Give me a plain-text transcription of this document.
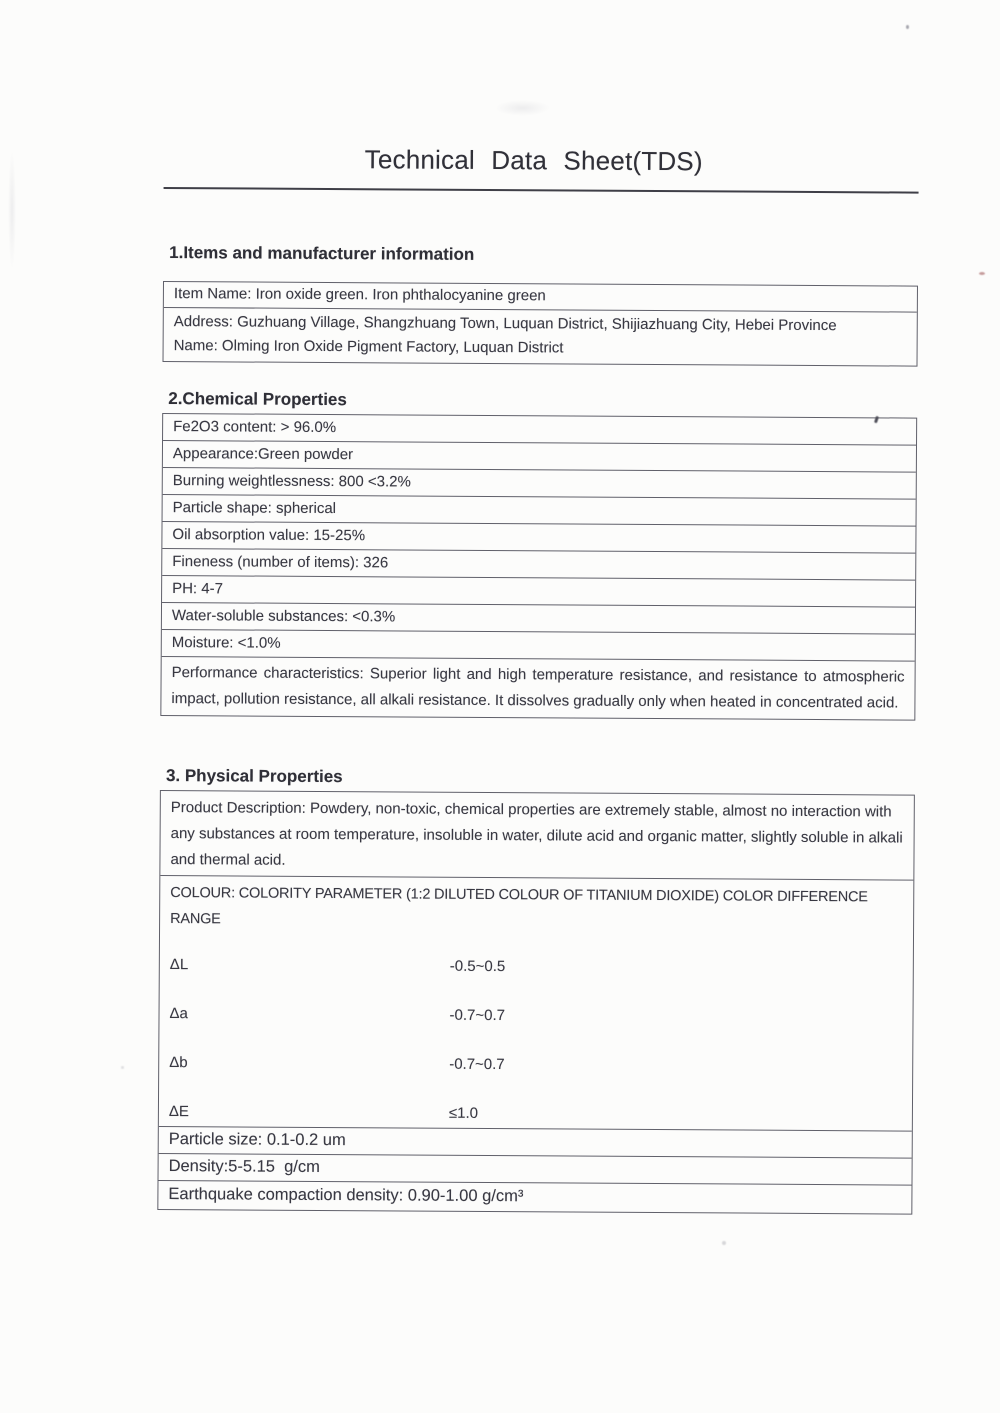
Technical Data Sheet(TDS)
1.Items and manufacturer information
Item Name: Iron oxide green. Iron phthalocyanine green
Address: Guzhuang Village, Shangzhuang Town, Luquan District, Shijiazhuang City, Hebei Province
Name: Olming Iron Oxide Pigment Factory, Luquan District
2.Chemical Properties
Fe2O3 content: > 96.0%
Appearance:Green powder
Burning weightlessness: 800 <3.2%
Particle shape: spherical
Oil absorption value: 15-25%
Fineness (number of items): 326
PH: 4-7
Water-soluble substances: <0.3%
Moisture: <1.0%
Performance characteristics: Superior light and high temperature resistance, and resistance to atmospheric impact, pollution resistance, all alkali resistance. It dissolves gradually only when heated in concentrated acid.
3. Physical Properties
Product Description: Powdery, non-toxic, chemical properties are extremely stable, almost no interaction with any substances at room temperature, insoluble in water, dilute acid and organic matter, slightly soluble in alkali and thermal acid.
COLOUR: COLORITY PARAMETER (1:2 DILUTED COLOUR OF TITANIUM DIOXIDE) COLOR DIFFERENCE RANGE
ΔL	-0.5~0.5
Δa	-0.7~0.7
Δb	-0.7~0.7
ΔE	≤1.0
Particle size: 0.1-0.2 um
Density:5-5.15  g/cm
Earthquake compaction density: 0.90-1.00 g/cm³
